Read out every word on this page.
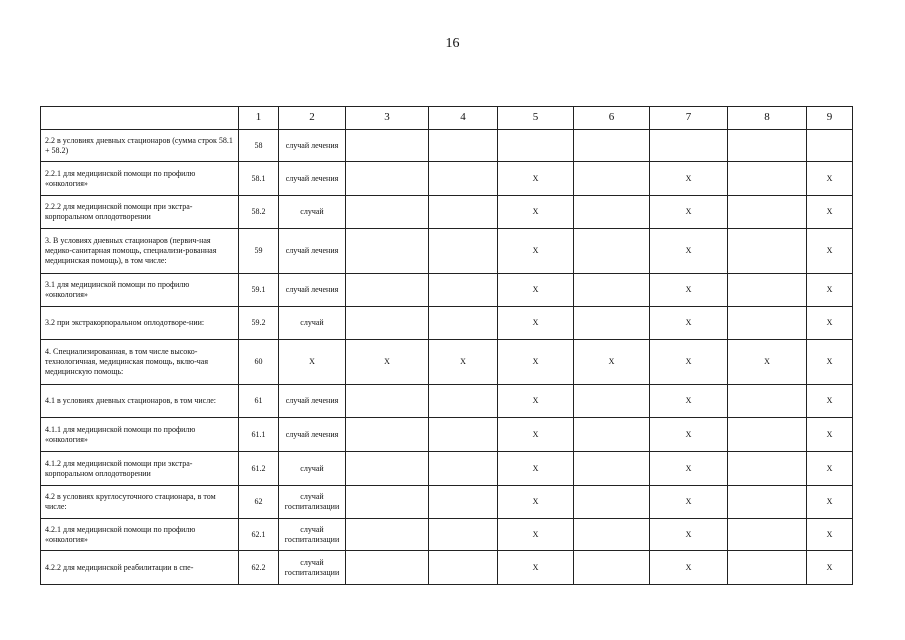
16
	1	2	3	4	5	6	7	8	9
2.2 в условиях дневных стационаров (сумма строк 58.1 + 58.2)	58	случай лечения							
2.2.1 для медицинской помощи по профилю «онкология»	58.1	случай лечения			X		X		X
2.2.2 для медицинской помощи при экстра-корпоральном оплодотворении	58.2	случай			X		X		X
3. В условиях дневных стационаров (первич-ная медико-санитарная помощь, специализи-рованная медицинская помощь), в том числе:	59	случай лечения			X		X		X
3.1 для медицинской помощи по профилю «онкология»	59.1	случай лечения			X		X		X
3.2 при экстракорпоральном оплодотворе-нии:	59.2	случай			X		X		X
4. Специализированная, в том числе высоко-технологичная, медицинская помощь, вклю-чая медицинскую помощь:	60	X	X	X	X	X	X	X	X
4.1 в условиях дневных стационаров, в том числе:	61	случай лечения			X		X		X
4.1.1 для медицинской помощи по профилю «онкология»	61.1	случай лечения			X		X		X
4.1.2 для медицинской помощи при экстра-корпоральном оплодотворении	61.2	случай			X		X		X
4.2 в условиях круглосуточного стационара, в том числе:	62	случай госпитализации			X		X		X
4.2.1 для медицинской помощи по профилю «онкология»	62.1	случай госпитализации			X		X		X
4.2.2 для медицинской реабилитации в спе-	62.2	случай госпитализации			X		X		X
